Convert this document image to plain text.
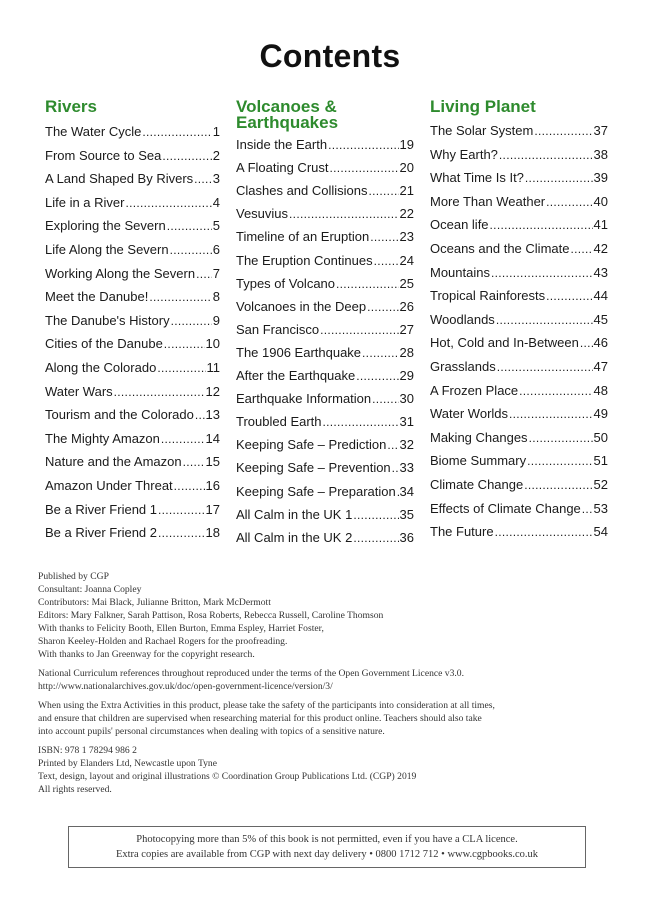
Contents
Rivers
The Water Cycle .....	1
From Source to Sea .....	2
A Land Shaped By Rivers ..... 3
Life in a River .....	4
Exploring the Severn .....	5
Life Along the Severn .....	6
Working Along the Severn ..... 7
Meet the Danube! .....	8
The Danube's History .....	9
Cities of the Danube .....	10
Along the Colorado .....	11
Water Wars .....	12
Tourism and the Colorado ..... 13
The Mighty Amazon .....	14
Nature and the Amazon ..... 15
Amazon Under Threat .....	16
Be a River Friend 1 .....	17
Be a River Friend 2 .....	18
Volcanoes &
Earthquakes
Inside the Earth .....	19
A Floating Crust .....	20
Clashes and Collisions ..... 21
Vesuvius .....	22
Timeline of an Eruption ..... 23
The Eruption Continues ..... 24
Types of Volcano .....	25
Volcanoes in the Deep .....	26
San Francisco .....	27
The 1906 Earthquake .....	28
After the Earthquake .....	29
Earthquake Information ..... 30
Troubled Earth .....	31
Keeping Safe – Prediction ..... 32
Keeping Safe – Prevention ..... 33
Keeping Safe – Preparation ..... 34
All Calm in the UK 1 .....	35
All Calm in the UK 2 .....	36
Living Planet
The Solar System .....	37
Why Earth? .....	38
What Time Is It? .....	39
More Than Weather .....	40
Ocean life .....	41
Oceans and the Climate ..... 42
Mountains .....	43
Tropical Rainforests .....	44
Woodlands .....	45
Hot, Cold and In-Between ..... 46
Grasslands .....	47
A Frozen Place .....	48
Water Worlds .....	49
Making Changes .....	50
Biome Summary .....	51
Climate Change .....	52
Effects of Climate Change ..... 53
The Future .....	54

Published by CGP

Consultant: Joanna Copley

Contributors: Mai Black, Julianne Britton, Mark McDermott

Editors: Mary Falkner, Sarah Pattison, Rosa Roberts, Rebecca Russell, Caroline Thomson

With thanks to Felicity Booth, Ellen Burton, Emma Espley, Harriet Foster,

Sharon Keeley-Holden and Rachael Rogers for the proofreading.

With thanks to Jan Greenway for the copyright research.

National Curriculum references throughout reproduced under the terms of the Open Government Licence v3.0.

http://www.nationalarchives.gov.uk/doc/open-government-licence/version/3/

When using the Extra Activities in this product, please take the safety of the participants into consideration at all times,

and ensure that children are supervised when researching material for this product online. Teachers should also take

into account pupils' personal circumstances when dealing with topics of a sensitive nature.

ISBN: 978 1 78294 986 2

Printed by Elanders Ltd, Newcastle upon Tyne

Text, design, layout and original illustrations © Coordination Group Publications Ltd. (CGP) 2019

All rights reserved.

Photocopying more than 5% of this book is not permitted, even if you have a CLA licence.
Extra copies are available from CGP with next day delivery • 0800 1712 712 • www.cgpbooks.co.uk
